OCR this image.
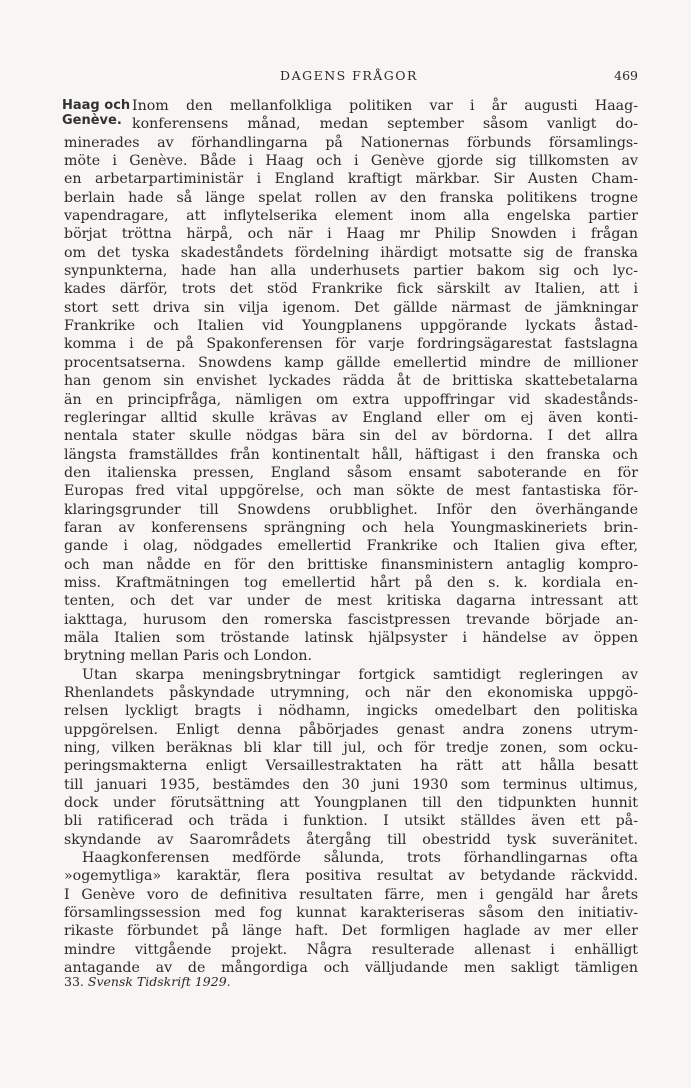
DAGENS FRÅGOR	469
Haag och
Genève.
Inom den mellanfolkliga politiken var i år augusti Haag-
konferensens månad, medan september såsom vanligt do-
minerades av förhandlingarna på Nationernas förbunds församlings-
möte i Genève. Både i Haag och i Genève gjorde sig tillkomsten av
en arbetarpartiministär i England kraftigt märkbar. Sir Austen Cham-
berlain hade så länge spelat rollen av den franska politikens trogne
vapendragare, att inflytelserika element inom alla engelska partier
börjat tröttna härpå, och när i Haag mr Philip Snowden i frågan
om det tyska skadeståndets fördelning ihärdigt motsatte sig de franska
synpunkterna, hade han alla underhusets partier bakom sig och lyc-
kades därför, trots det stöd Frankrike fick särskilt av Italien, att i
stort sett driva sin vilja igenom. Det gällde närmast de jämkningar
Frankrike och Italien vid Youngplanens uppgörande lyckats åstad-
komma i de på Spakonferensen för varje fordringsägarestat fastslagna
procentsatserna. Snowdens kamp gällde emellertid mindre de millioner
han genom sin envishet lyckades rädda åt de brittiska skattebetalarna
än en principfråga, nämligen om extra uppoffringar vid skadestånds-
regleringar alltid skulle krävas av England eller om ej även konti-
nentala stater skulle nödgas bära sin del av bördorna. I det allra
längsta framställdes från kontinentalt håll, häftigast i den franska och
den italienska pressen, England såsom ensamt saboterande en för
Europas fred vital uppgörelse, och man sökte de mest fantastiska för-
klaringsgrunder till Snowdens orubblighet. Inför den överhängande
faran av konferensens sprängning och hela Youngmaskineriets brin-
gande i olag, nödgades emellertid Frankrike och Italien giva efter,
och man nådde en för den brittiske finansministern antaglig kompro-
miss. Kraftmätningen tog emellertid hårt på den s. k. kordiala en-
tenten, och det var under de mest kritiska dagarna intressant att
iakttaga, hurusom den romerska fascistpressen trevande började an-
mäla Italien som tröstande latinsk hjälpsyster i händelse av öppen
brytning mellan Paris och London.
Utan skarpa meningsbrytningar fortgick samtidigt regleringen av
Rhenlandets påskyndade utrymning, och när den ekonomiska uppgö-
relsen lyckligt bragts i nödhamn, ingicks omedelbart den politiska
uppgörelsen. Enligt denna påbörjades genast andra zonens utrym-
ning, vilken beräknas bli klar till jul, och för tredje zonen, som ocku-
peringsmakterna enligt Versaillestraktaten ha rätt att hålla besatt
till januari 1935, bestämdes den 30 juni 1930 som terminus ultimus,
dock under förutsättning att Youngplanen till den tidpunkten hunnit
bli ratificerad och träda i funktion. I utsikt ställdes även ett på-
skyndande av Saarområdets återgång till obestridd tysk suveränitet.
Haagkonferensen medförde sålunda, trots förhandlingarnas ofta
»ogemytliga» karaktär, flera positiva resultat av betydande räckvidd.
I Genève voro de definitiva resultaten färre, men i gengäld har årets
församlingssession med fog kunnat karakteriseras såsom den initiativ-
rikaste förbundet på länge haft. Det formligen haglade av mer eller
mindre vittgående projekt. Några resulterade allenast i enhälligt
antagande av de mångordiga och välljudande men sakligt tämligen
33. Svensk Tidskrift 1929.
